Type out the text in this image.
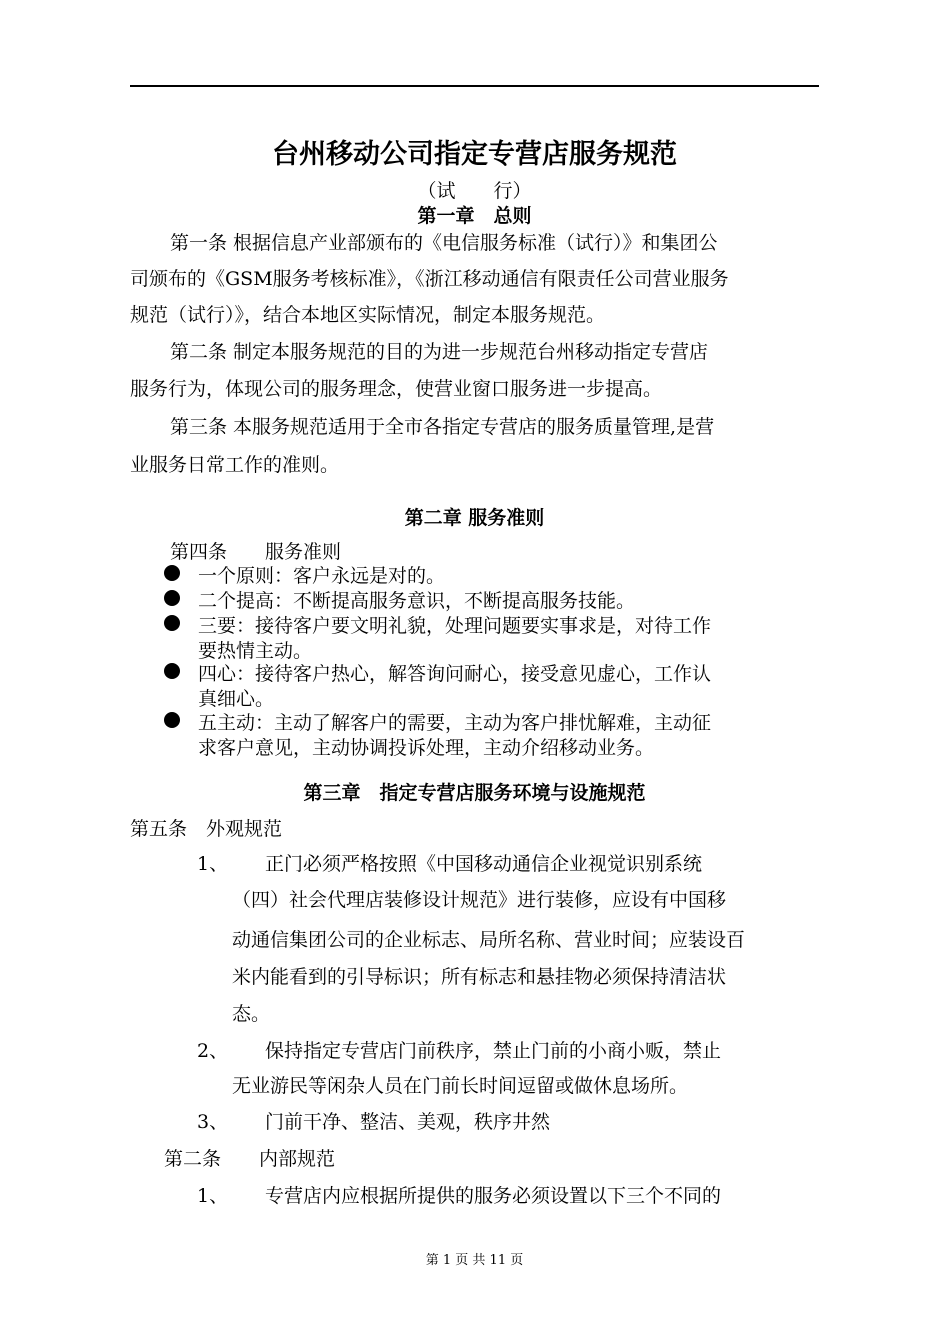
台州移动公司指定专营店服务规范
（试　　行）
第一章　总则
第一条 根据信息产业部颁布的《电信服务标准（试行）》和集团公
司颁布的《GSM服务考核标准》，《浙江移动通信有限责任公司营业服务
规范（试行）》，结合本地区实际情况，制定本服务规范。
第二条 制定本服务规范的目的为进一步规范台州移动指定专营店
服务行为，体现公司的服务理念，使营业窗口服务进一步提高。
第三条 本服务规范适用于全市各指定专营店的服务质量管理,是营
业服务日常工作的准则。
第二章 服务准则
第四条　　服务准则
一个原则：客户永远是对的。
二个提高：不断提高服务意识，不断提高服务技能。
三要：接待客户要文明礼貌，处理问题要实事求是，对待工作
要热情主动。
四心：接待客户热心，解答询问耐心，接受意见虚心，工作认
真细心。
五主动：主动了解客户的需要，主动为客户排忧解难，主动征
求客户意见，主动协调投诉处理，主动介绍移动业务。
第三章　指定专营店服务环境与设施规范
第五条　外观规范
1、 正门必须严格按照《中国移动通信企业视觉识别系统
（四）社会代理店装修设计规范》进行装修，应设有中国移
动通信集团公司的企业标志、局所名称、营业时间；应装设百
米内能看到的引导标识；所有标志和悬挂物必须保持清洁状
态。
2、 保持指定专营店门前秩序，禁止门前的小商小贩，禁止
无业游民等闲杂人员在门前长时间逗留或做休息场所。
3、 门前干净、整洁、美观，秩序井然
第二条　　内部规范
1、 专营店内应根据所提供的服务必须设置以下三个不同的
第 1 页 共 11 页
